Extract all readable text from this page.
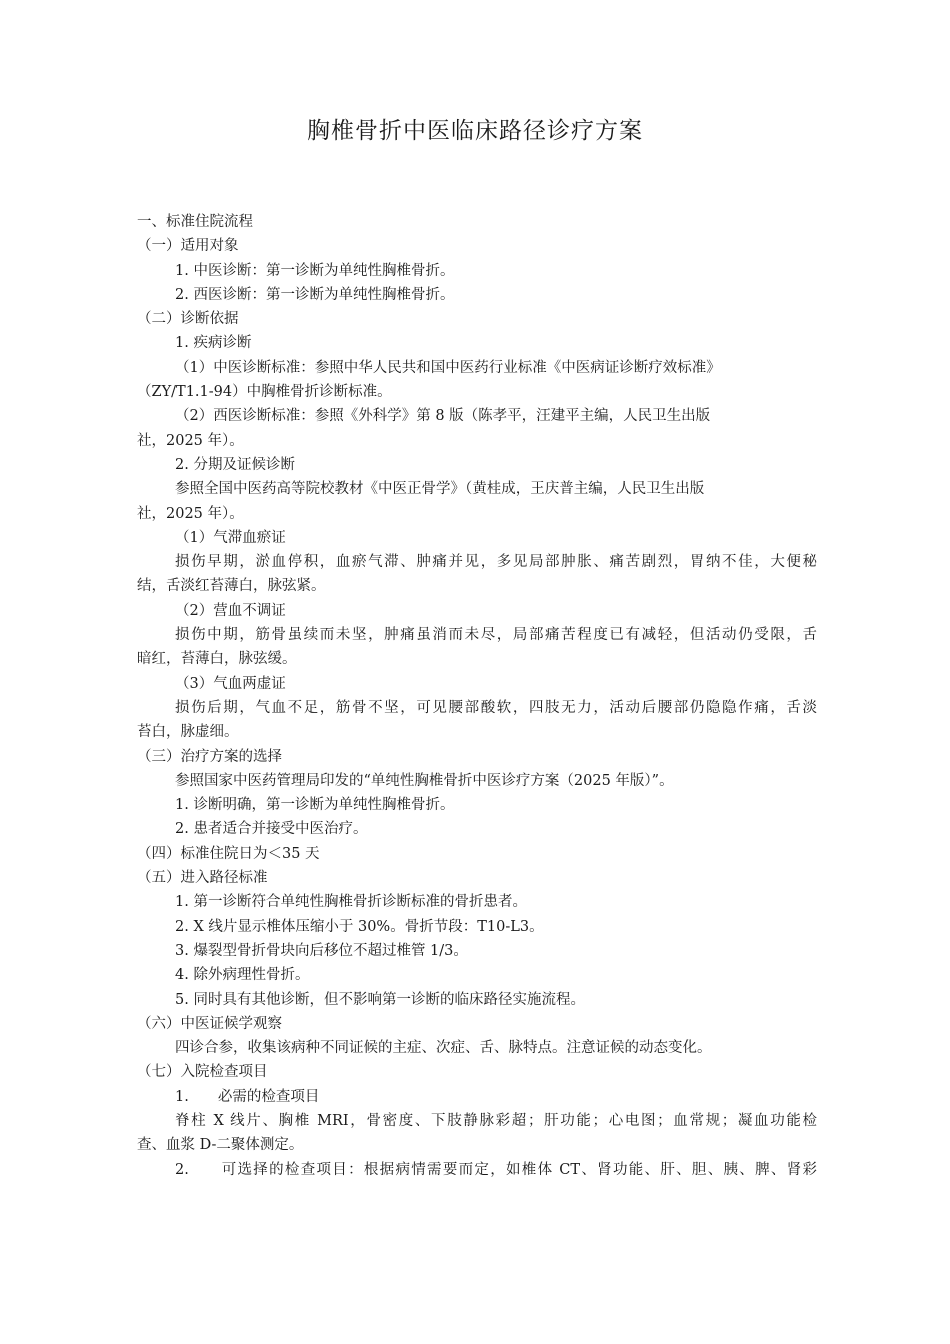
胸椎骨折中医临床路径诊疗方案
一、标准住院流程
（一）适用对象
1. 中医诊断：第一诊断为单纯性胸椎骨折。
2. 西医诊断：第一诊断为单纯性胸椎骨折。
（二）诊断依据
1. 疾病诊断
（1）中医诊断标准：参照中华人民共和国中医药行业标准《中医病证诊断疗效标准》
（ZY/T1.1-94）中胸椎骨折诊断标准。
（2）西医诊断标准：参照《外科学》第 8 版（陈孝平，汪建平主编，人民卫生出版
社，2025 年）。
2. 分期及证候诊断
参照全国中医药高等院校教材《中医正骨学》（黄桂成，王庆普主编，人民卫生出版
社，2025 年）。
（1）气滞血瘀证
损伤早期，淤血停积，血瘀气滞、肿痛并见，多见局部肿胀、痛苦剧烈，胃纳不佳，大便秘
结，舌淡红苔薄白，脉弦紧。
（2）营血不调证
损伤中期，筋骨虽续而未坚，肿痛虽消而未尽，局部痛苦程度已有减轻，但活动仍受限，舌
暗红，苔薄白，脉弦缓。
（3）气血两虚证
损伤后期，气血不足，筋骨不坚，可见腰部酸软，四肢无力，活动后腰部仍隐隐作痛，舌淡
苔白，脉虚细。
（三）治疗方案的选择
参照国家中医药管理局印发的“单纯性胸椎骨折中医诊疗方案（2025 年版）”。
1. 诊断明确，第一诊断为单纯性胸椎骨折。
2. 患者适合并接受中医治疗。
（四）标准住院日为＜35 天
（五）进入路径标准
1. 第一诊断符合单纯性胸椎骨折诊断标准的骨折患者。
2. X 线片显示椎体压缩小于 30%。骨折节段：T10-L3。
3. 爆裂型骨折骨块向后移位不超过椎管 1/3。
4. 除外病理性骨折。
5. 同时具有其他诊断，但不影响第一诊断的临床路径实施流程。
（六）中医证候学观察
四诊合参，收集该病种不同证候的主症、次症、舌、脉特点。注意证候的动态变化。
（七）入院检查项目
1.　　必需的检查项目
脊柱 X 线片、胸椎 MRI，骨密度、下肢静脉彩超；肝功能；心电图；血常规；凝血功能检
查、血浆 D-二聚体测定。
2.　　可选择的检查项目：根据病情需要而定，如椎体 CT、肾功能、肝、胆、胰、脾、肾彩
